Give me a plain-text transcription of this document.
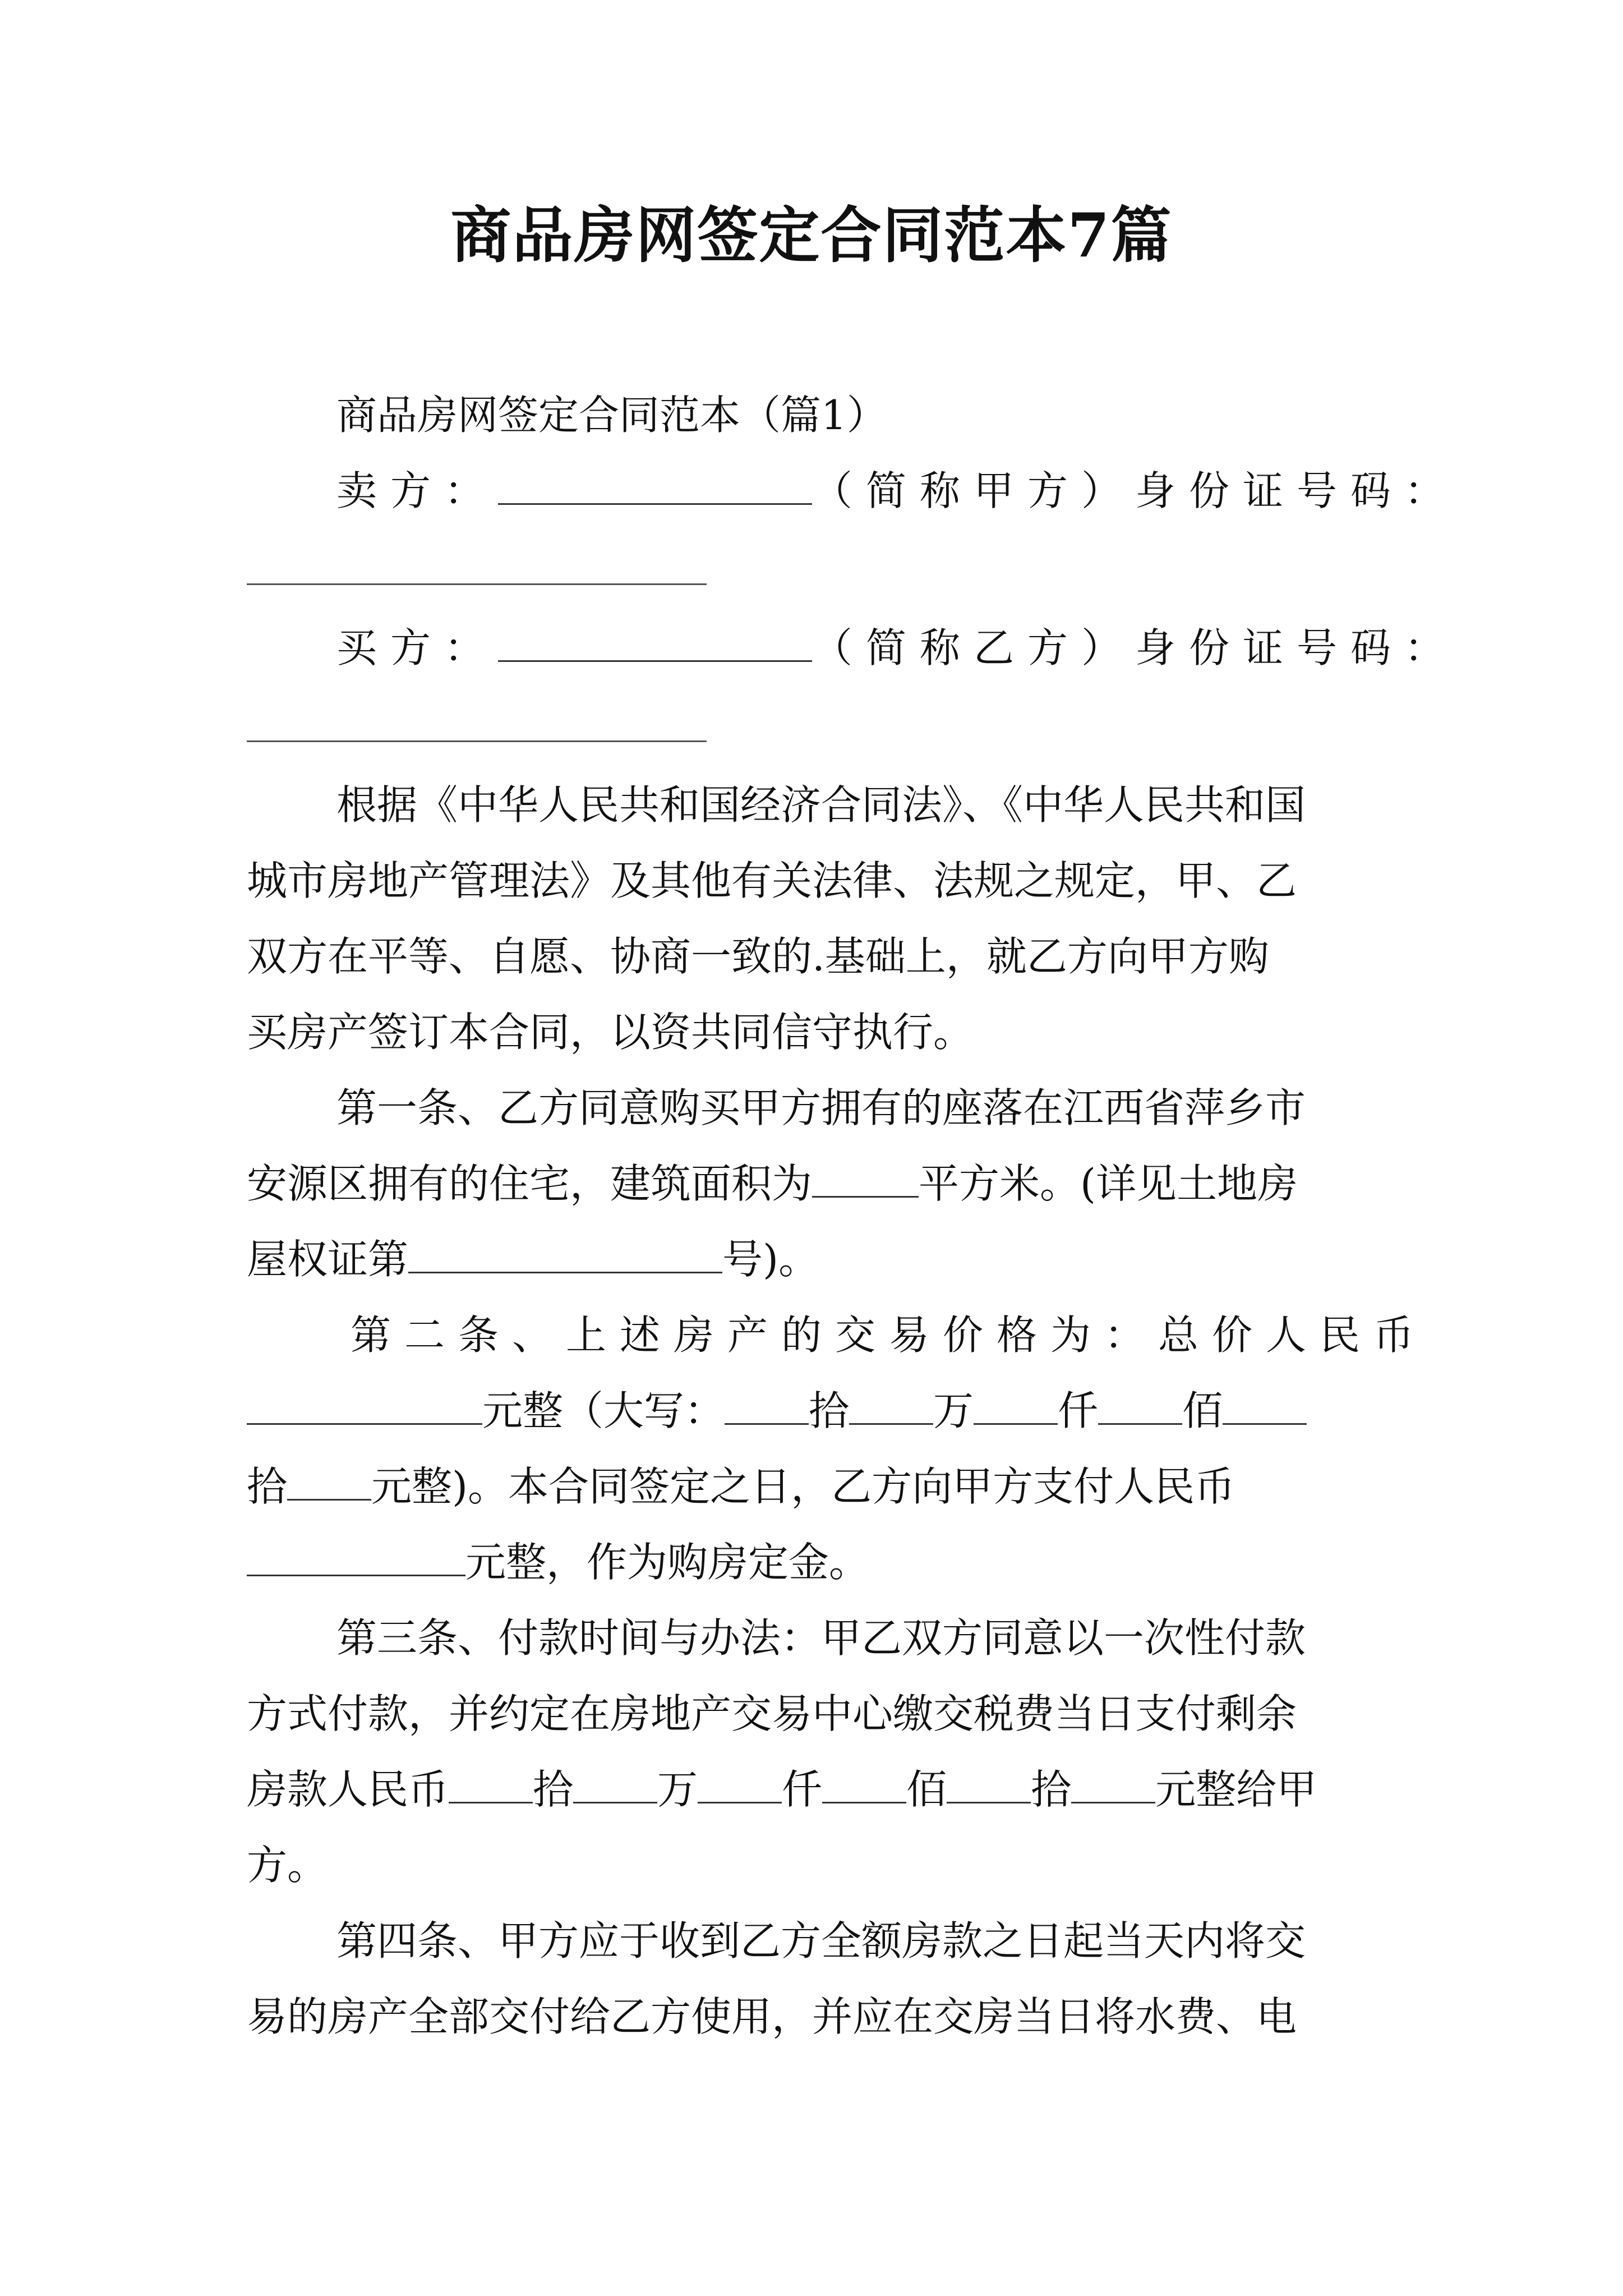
商品房网签定合同范本7篇
商品房网签定合同范本（篇1）
卖方：	（简称甲方）身份证号码：
买方：	（简称乙方）身份证号码：
根据《中华人民共和国经济合同法》、《中华人民共和国
城市房地产管理法》及其他有关法律、法规之规定，甲、乙
双方在平等、自愿、协商一致的.基础上，就乙方向甲方购
买房产签订本合同，以资共同信守执行。
第一条、乙方同意购买甲方拥有的座落在江西省萍乡市
安源区拥有的住宅，建筑面积为	平方米。(详见土地房
屋权证第	号)。
第二条、上述房产的交易价格为：总价人民币
元整（大写： 拾 万 仟 佰
拾 元整)。本合同签定之日，乙方向甲方支付人民币
元整，作为购房定金。
第三条、付款时间与办法：甲乙双方同意以一次性付款
方式付款，并约定在房地产交易中心缴交税费当日支付剩余
房款人民币 拾 万 仟 佰 拾 元整给甲
方。
第四条、甲方应于收到乙方全额房款之日起当天内将交
易的房产全部交付给乙方使用，并应在交房当日将水费、电
